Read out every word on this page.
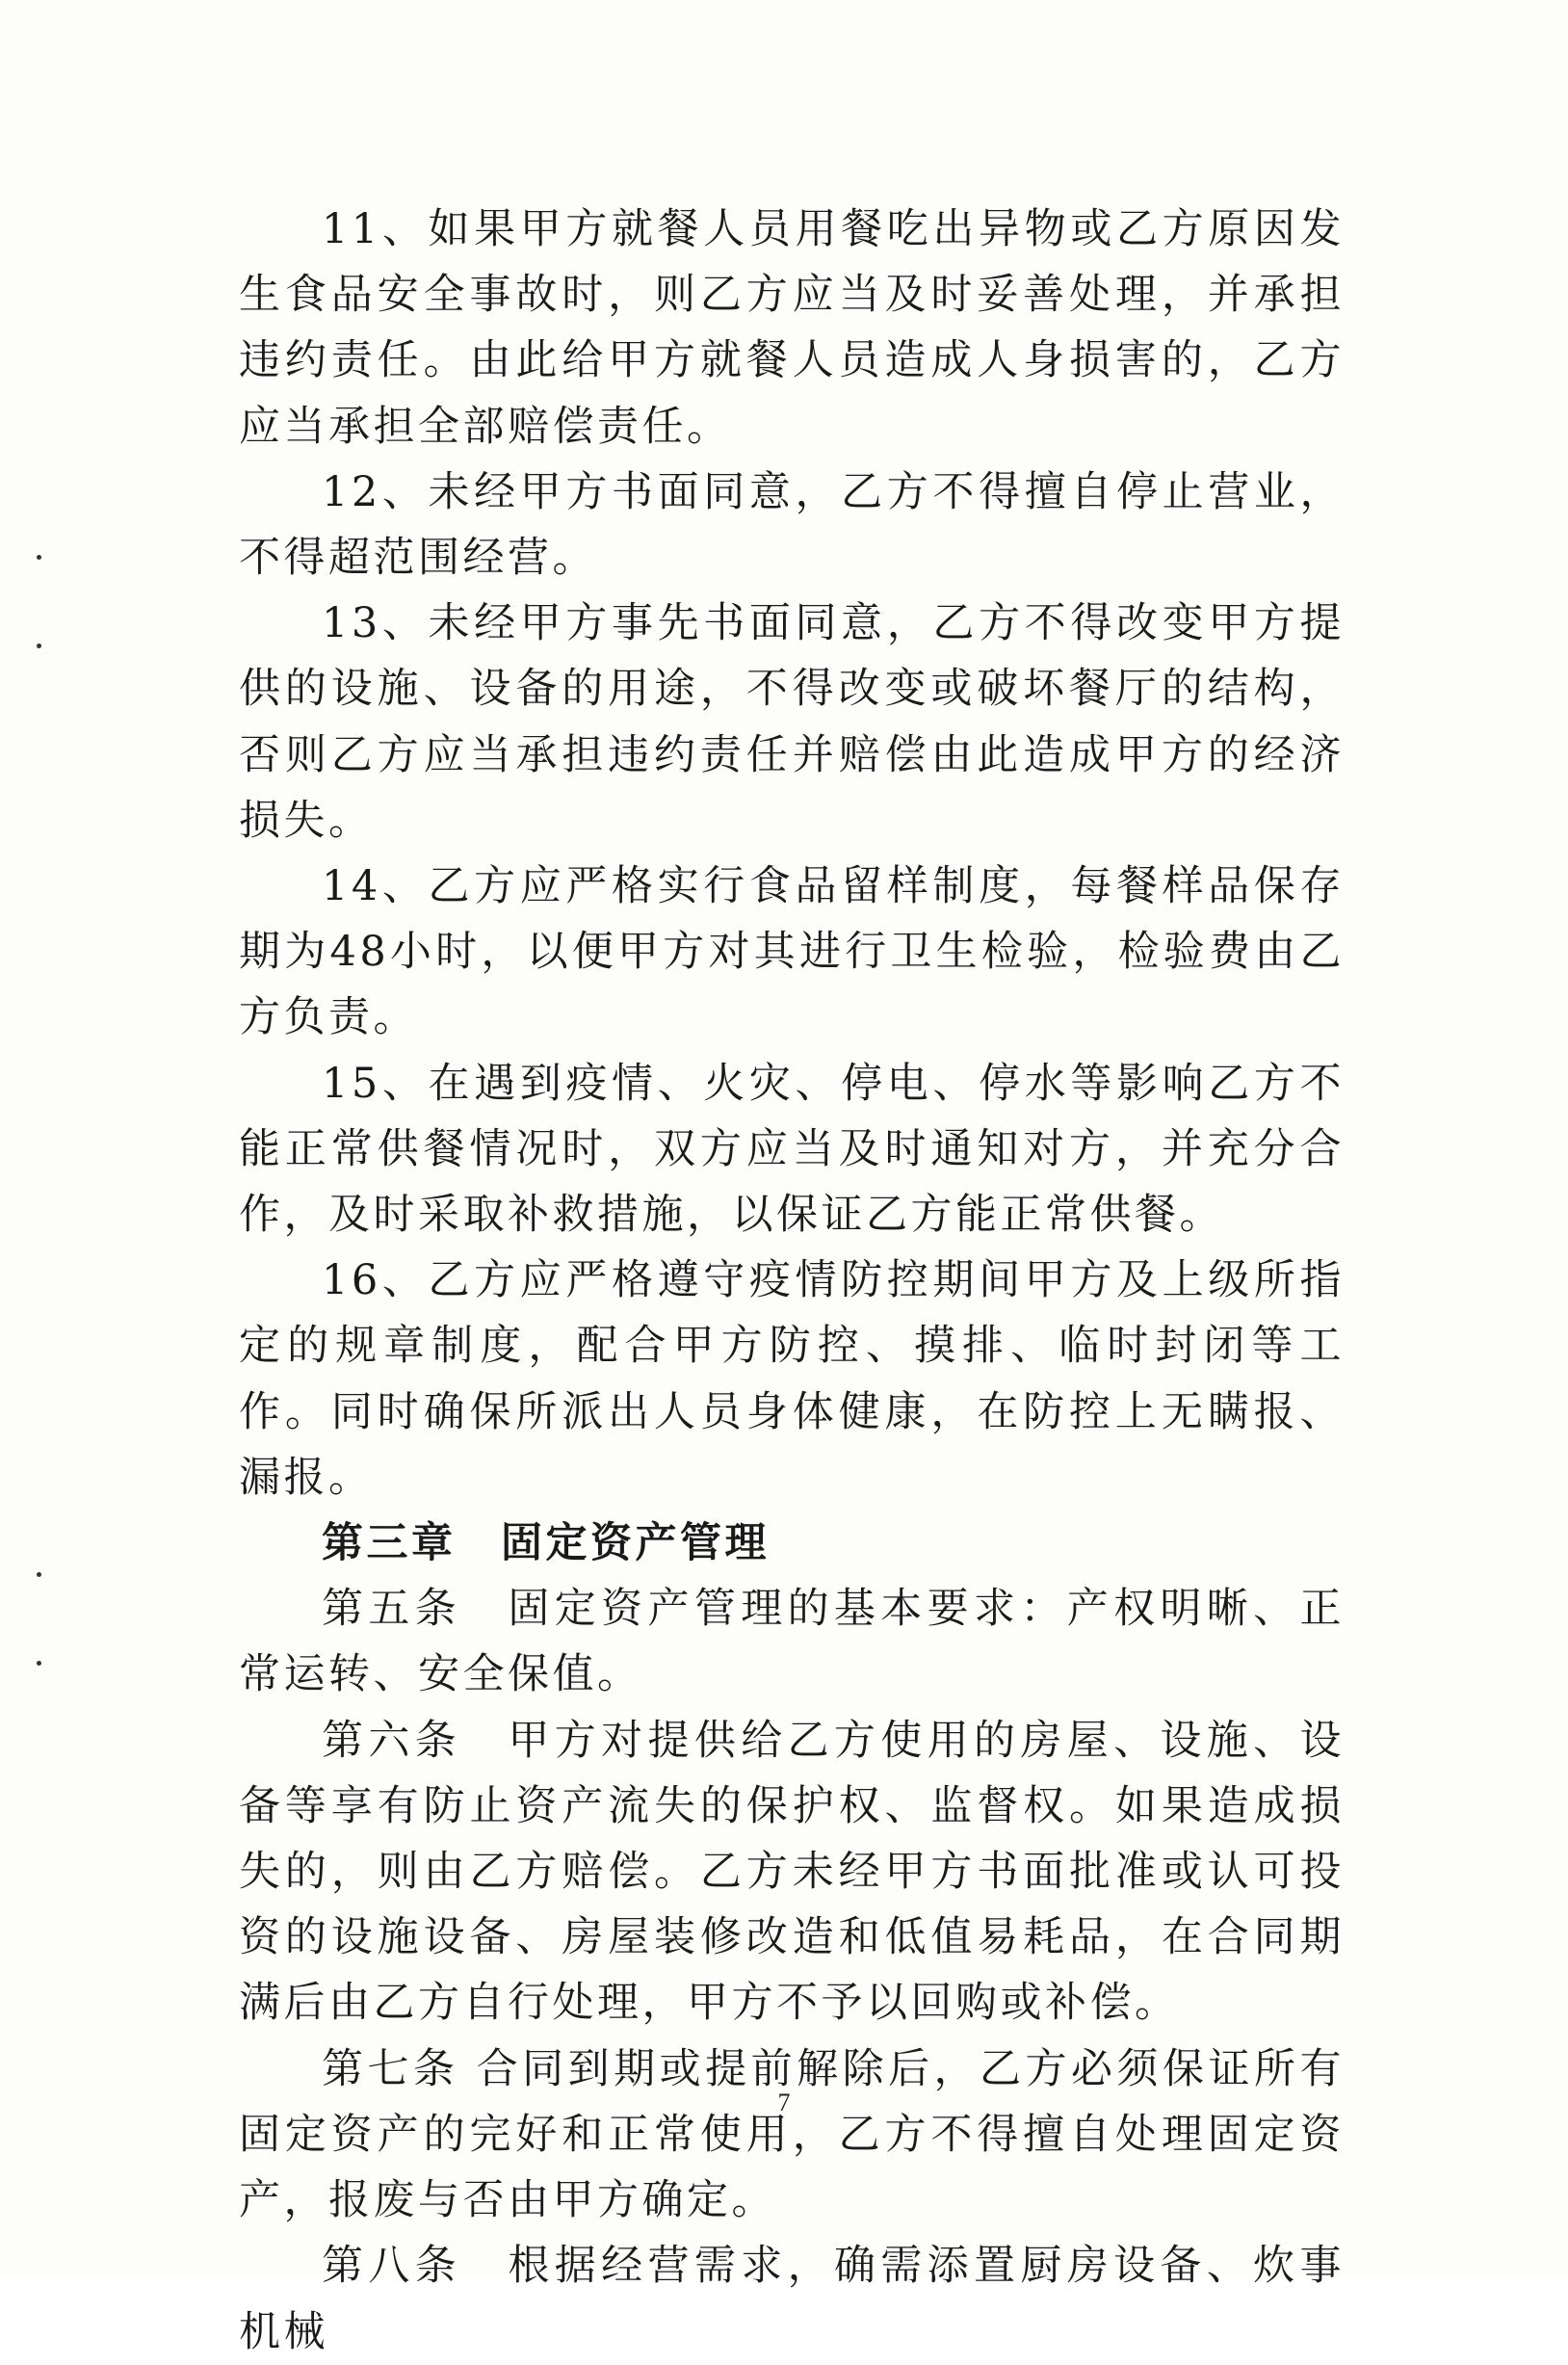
11、如果甲方就餐人员用餐吃出异物或乙方原因发生食品安全事故时，则乙方应当及时妥善处理，并承担违约责任。由此给甲方就餐人员造成人身损害的，乙方应当承担全部赔偿责任。

12、未经甲方书面同意，乙方不得擅自停止营业，不得超范围经营。

13、未经甲方事先书面同意，乙方不得改变甲方提供的设施、设备的用途，不得改变或破坏餐厅的结构，否则乙方应当承担违约责任并赔偿由此造成甲方的经济损失。

14、乙方应严格实行食品留样制度，每餐样品保存期为48小时，以便甲方对其进行卫生检验，检验费由乙方负责。

15、在遇到疫情、火灾、停电、停水等影响乙方不能正常供餐情况时，双方应当及时通知对方，并充分合作，及时采取补救措施，以保证乙方能正常供餐。

16、乙方应严格遵守疫情防控期间甲方及上级所指定的规章制度，配合甲方防控、摸排、临时封闭等工作。同时确保所派出人员身体健康，在防控上无瞒报、漏报。

第三章　固定资产管理

第五条　固定资产管理的基本要求：产权明晰、正常运转、安全保值。

第六条　甲方对提供给乙方使用的房屋、设施、设备等享有防止资产流失的保护权、监督权。如果造成损失的，则由乙方赔偿。乙方未经甲方书面批准或认可投资的设施设备、房屋装修改造和低值易耗品，在合同期满后由乙方自行处理，甲方不予以回购或补偿。

第七条 合同到期或提前解除后，乙方必须保证所有固定资产的完好和正常使用，乙方不得擅自处理固定资产，报废与否由甲方确定。

第八条　根据经营需求，确需添置厨房设备、炊事机械

7
